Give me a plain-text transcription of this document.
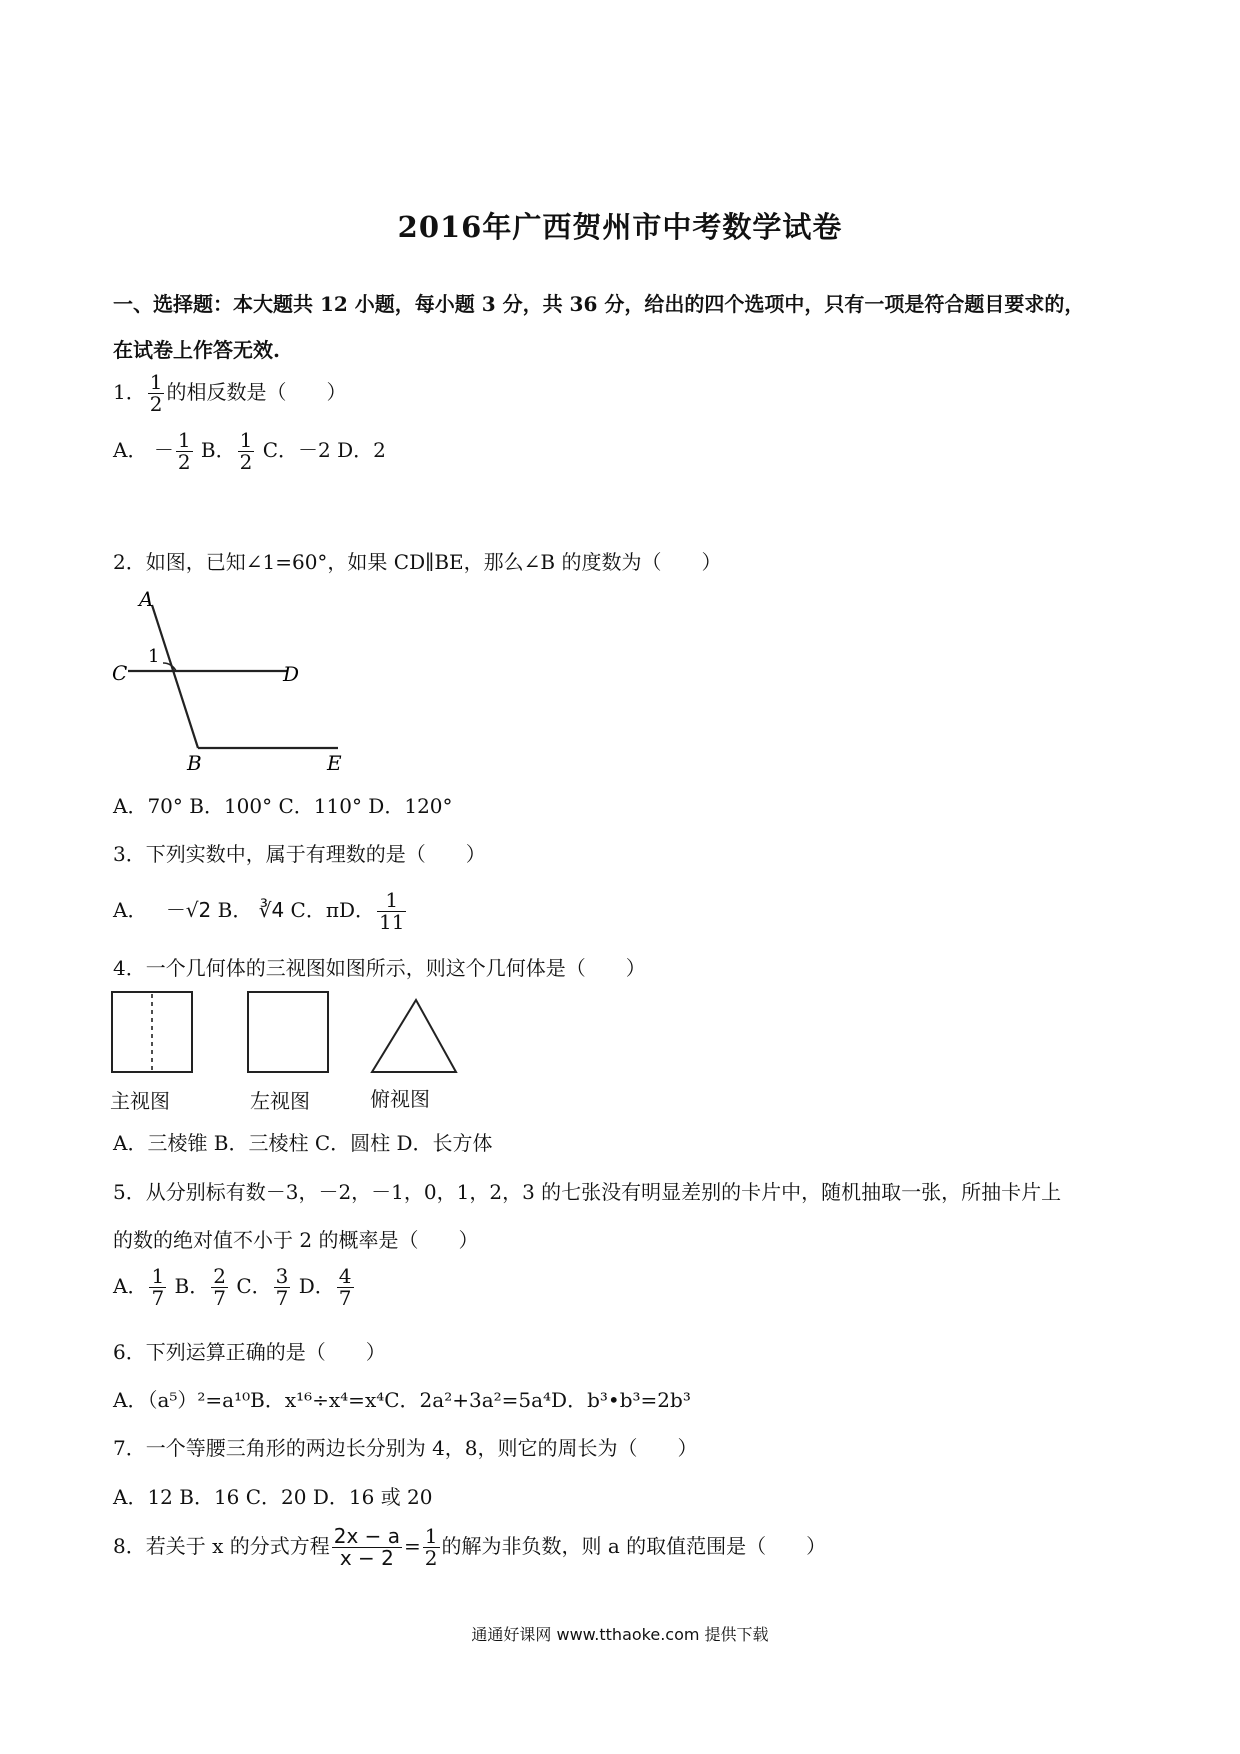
2016年广西贺州市中考数学试卷
一、选择题：本大题共 12 小题，每小题 3 分，共 36 分，给出的四个选项中，只有一项是符合题目要求的，
在试卷上作答无效.
1． $\frac{1}{2}$ 的相反数是（　　）
A． － $\frac{1}{2}$ B． $\frac{1}{2}$ C．－2 D．2
2．如图，已知∠1=60°，如果 CD∥BE，那么∠B 的度数为（　　）
A
1
C	D
B	E
A．70° B．100° C．110° D．120°
3．下列实数中，属于有理数的是（　　）
A． －√2 B． ∛4 C．πD． $\frac{1}{11}$
4．一个几何体的三视图如图所示，则这个几何体是（　　）
主视图	左视图	俯视图
A．三棱锥 B．三棱柱 C．圆柱 D．长方体
5．从分别标有数－3，－2，－1，0，1，2，3 的七张没有明显差别的卡片中，随机抽取一张，所抽卡片上
的数的绝对值不小于 2 的概率是（　　）
A． $\frac{1}{7}$ B． $\frac{2}{7}$ C． $\frac{3}{7}$ D． $\frac{4}{7}$
6．下列运算正确的是（　　）
A．（a⁵）²=a¹⁰B．x¹⁶÷x⁴=x⁴C．2a²+3a²=5a⁴D．b³•b³=2b³
7．一个等腰三角形的两边长分别为 4，8，则它的周长为（　　）
A．12 B．16 C．20 D．16 或 20
8．若关于 x 的分式方程 $\frac{2x - a}{x - 2} = \frac{1}{2}$ 的解为非负数，则 a 的取值范围是（　　）
通通好课网 www.tthaoke.com 提供下载
